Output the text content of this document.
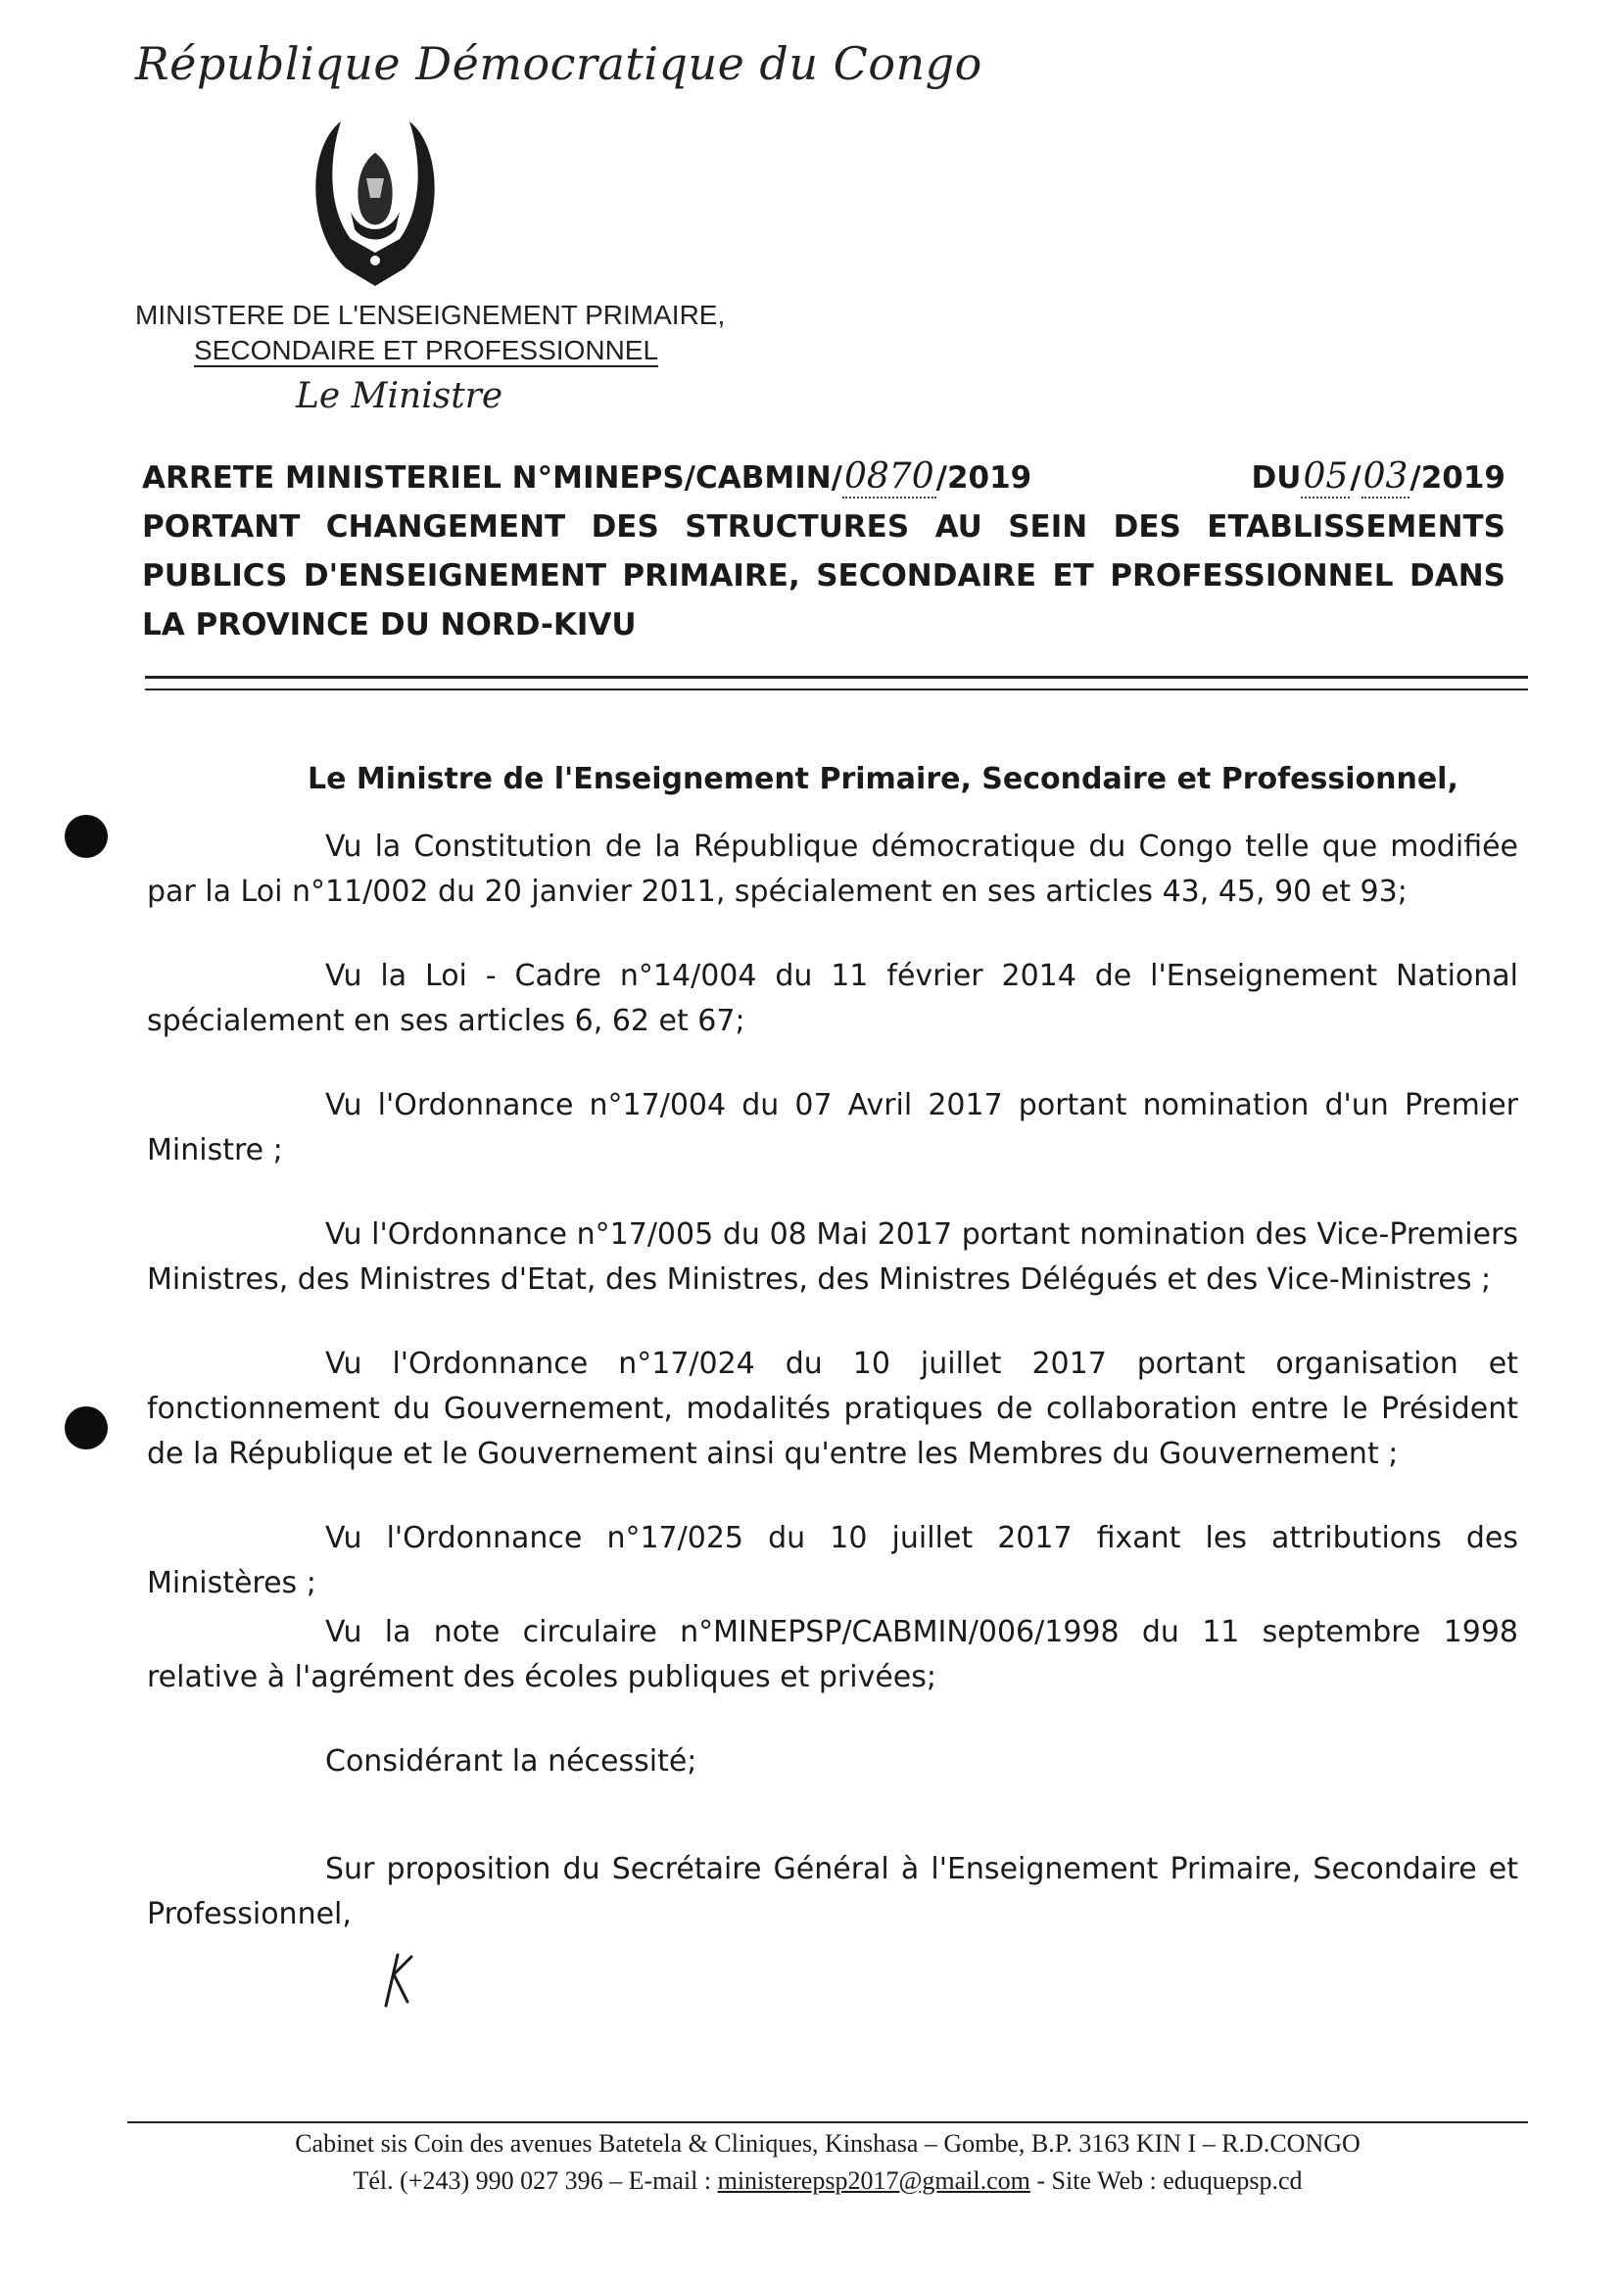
République Démocratique du Congo
MINISTERE DE L'ENSEIGNEMENT PRIMAIRE,
SECONDAIRE ET PROFESSIONNEL
Le Ministre
ARRETE MINISTERIEL N°MINEPS/CABMIN/0870/2019	DU05/03/2019
PORTANT CHANGEMENT DES STRUCTURES AU SEIN DES ETABLISSEMENTS
PUBLICS D'ENSEIGNEMENT PRIMAIRE, SECONDAIRE ET PROFESSIONNEL DANS
LA PROVINCE DU NORD-KIVU
Le Ministre de l'Enseignement Primaire, Secondaire et Professionnel,

Vu la Constitution de la République démocratique du Congo telle que modifiée par la Loi n°11/002 du 20 janvier 2011, spécialement en ses articles 43, 45, 90 et 93;

Vu la Loi - Cadre n°14/004 du 11 février 2014 de l'Enseignement National spécialement en ses articles 6, 62 et 67;

Vu l'Ordonnance n°17/004 du 07 Avril 2017 portant nomination d'un Premier Ministre ;

Vu l'Ordonnance n°17/005 du 08 Mai 2017 portant nomination des Vice-Premiers Ministres, des Ministres d'Etat, des Ministres, des Ministres Délégués et des Vice-Ministres ;

Vu l'Ordonnance n°17/024 du 10 juillet 2017 portant organisation et fonctionnement du Gouvernement, modalités pratiques de collaboration entre le Président de la République et le Gouvernement ainsi qu'entre les Membres du Gouvernement ;

Vu l'Ordonnance n°17/025 du 10 juillet 2017 fixant les attributions des Ministères ;

Vu la note circulaire n°MINEPSP/CABMIN/006/1998 du 11 septembre 1998 relative à l'agrément des écoles publiques et privées;

Considérant la nécessité;

Sur proposition du Secrétaire Général à l'Enseignement Primaire, Secondaire et Professionnel,

Cabinet sis Coin des avenues Batetela & Cliniques, Kinshasa – Gombe, B.P. 3163 KIN I – R.D.CONGO
Tél. (+243) 990 027 396 – E-mail : ministerepsp2017@gmail.com - Site Web : eduquepsp.cd
